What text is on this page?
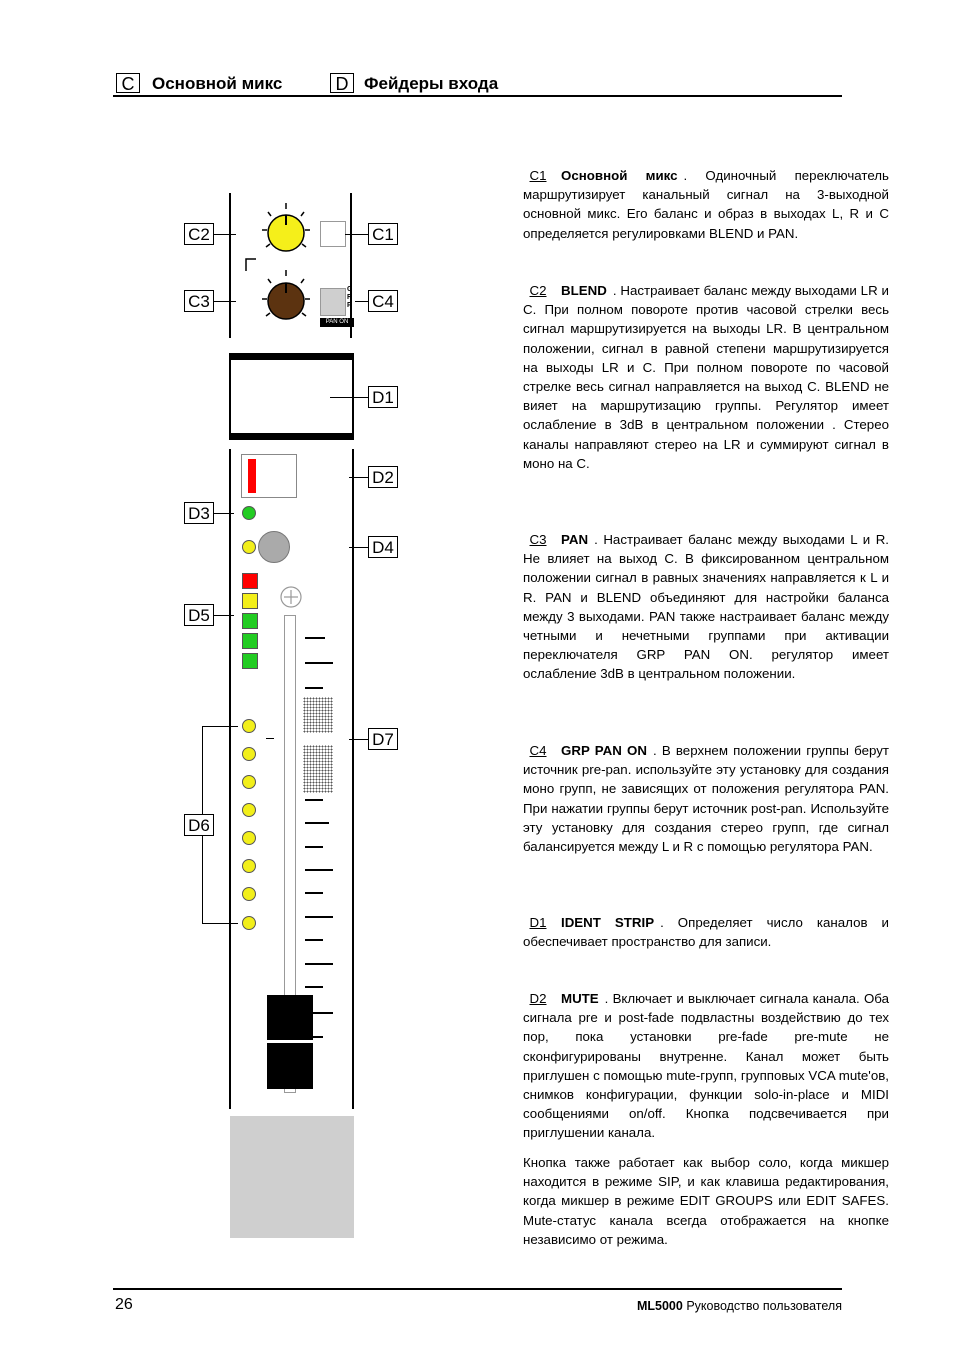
C	Основной микс	D Фейдеры входа
G R P
PAN ON
C2	C1
C3	C4
D1
D2
D3
D4
D5
D7
D6
C1 Основной микс . Одиночный переключатель маршрутизирует канальный сигнал на 3-выходной основной микс. Его баланс и образ в выходах L, R и C определяется регулировками BLEND и PAN.
C2 BLEND . Настраивает баланс между выходами LR и C. При полном повороте против часовой стрелки весь сигнал маршрутизируется на выходы LR. В центральном положении, сигнал в равной степени маршрутизируется на выходы LR и C. При полном повороте по часовой стрелке весь сигнал направляется на выход C. BLEND не вияет на маршрутизацию группы. Регулятор имеет ослабление в 3dB в центральном положении . Стерео каналы направляют стерео на LR и суммируют сигнал в моно на C.
C3 PAN . Настраивает баланс между выходами L и R. Не влияет на выход C. В фиксированном центральном положении сигнал в равных значениях направляется к L и R. PAN и BLEND объединяют для настройки баланса между 3 выходами. PAN также настраивает баланс между четными и нечетными группами при активации переключателя GRP PAN ON. регулятор имеет ослабление 3dB в центральном положении.
C4 GRP PAN ON . В верхнем положении группы берут источник pre-pan. используйте эту установку для создания моно групп, не зависящих от положения регулятора PAN. При нажатии группы берут источник post-pan. Используйте эту установку для создания стерео групп, где сигнал балансируется между L и R с помощью регулятора PAN.
D1 IDENT STRIP . Определяет число каналов и обеспечивает пространство для записи.
D2 MUTE . Включает и выключает сигнала канала. Оба сигнала pre и post-fade подвластны воздействию до тех пор, пока установки pre-fade pre-mute не сконфигурированы внутренне. Канал может быть приглушен с помощью mute-групп, групповых VCA mute'ов, снимков конфигурации, функции solo-in-place и MIDI сообщениями on/off. Кнопка подсвечивается при приглушении канала.
Кнопка также работает как выбор соло, когда микшер находится в режиме SIP, и как клавиша редактирования, когда микшер в режиме EDIT GROUPS или EDIT SAFES. Mute-статус канала всегда отображается на кнопке независимо от режима.
26	ML5000 Руководство пользователя
